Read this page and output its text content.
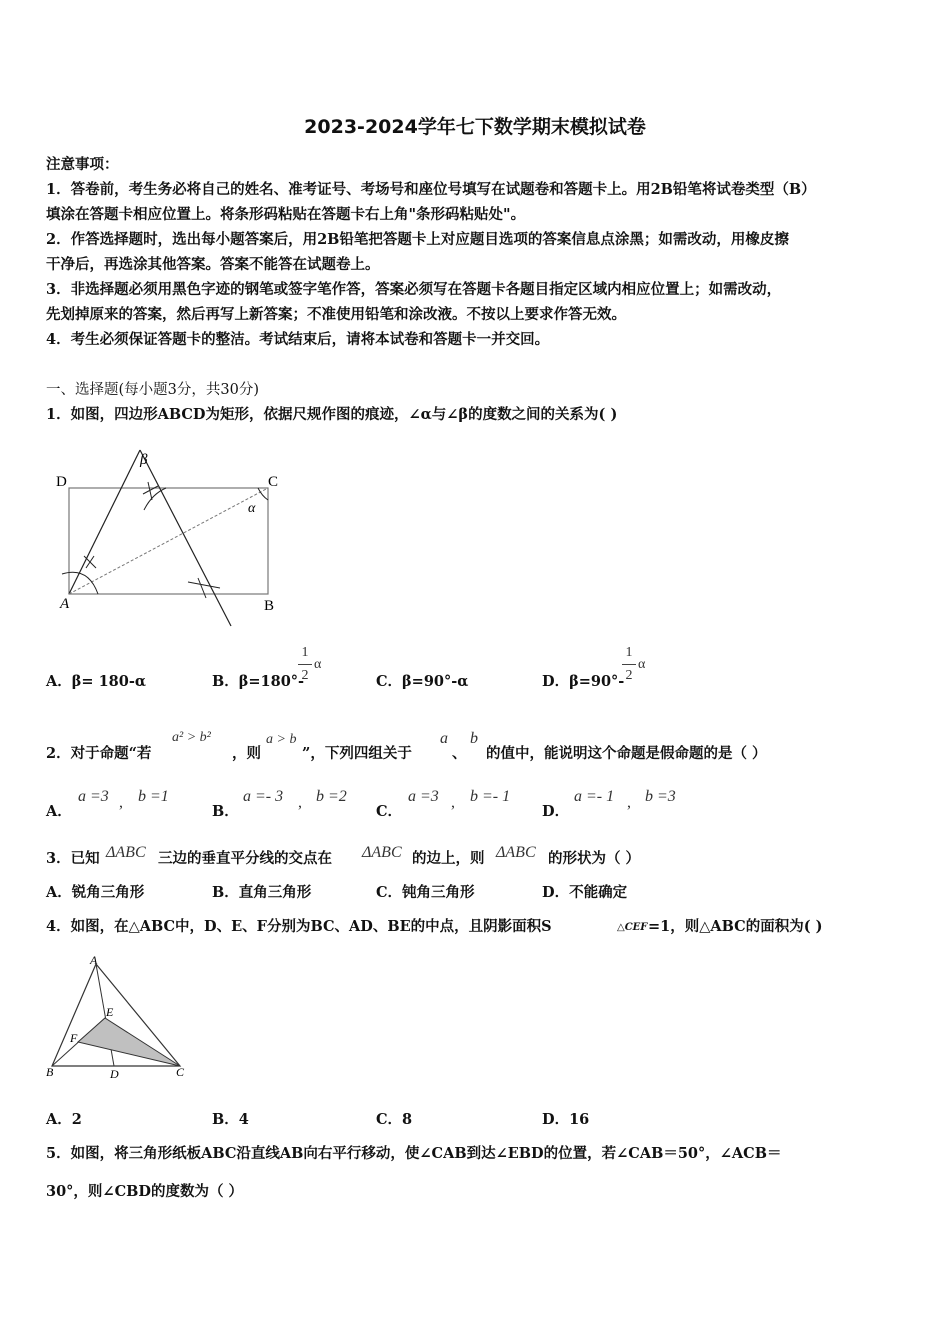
2023-2024学年七下数学期末模拟试卷
注意事项：
1．答卷前，考生务必将自己的姓名、准考证号、考场号和座位号填写在试题卷和答题卡上。用2B铅笔将试卷类型（B）
填涂在答题卡相应位置上。将条形码粘贴在答题卡右上角"条形码粘贴处"。
2．作答选择题时，选出每小题答案后，用2B铅笔把答题卡上对应题目选项的答案信息点涂黑；如需改动，用橡皮擦
干净后，再选涂其他答案。答案不能答在试题卷上。
3．非选择题必须用黑色字迹的钢笔或签字笔作答，答案必须写在答题卡各题目指定区域内相应位置上；如需改动，
先划掉原来的答案，然后再写上新答案；不准使用铅笔和涂改液。不按以上要求作答无效。
4．考生必须保证答题卡的整洁。考试结束后，请将本试卷和答题卡一并交回。
一、选择题(每小题3分，共30分)
1．如图，四边形ABCD为矩形，依据尺规作图的痕迹，∠α与∠β的度数之间的关系为( )
D	C
A	B
α
β
A．β= 180-α	B．β=180°-
1
2
α
C．β=90°-α	D．β=90°-
1
2
α
2．对于命题“若
a² > b²
，则
a > b
”，下列四组关于
a
、
b
的值中，能说明这个命题是假命题的是（ ）
A．
a =3 , b =1
B．
a =- 3 , b =2
C．
a =3 , b =- 1
D．
a =- 1 , b =3
3．已知 ΔABC 三边的垂直平分线的交点在 ΔABC 的边上，则 ΔABC 的形状为（ ）
A．锐角三角形	B．直角三角形	C．钝角三角形	D．不能确定
4．如图，在△ABC中，D、E、F分别为BC、AD、BE的中点，且阴影面积S	△CEF =1，则△ABC的面积为( )
A
B	C
D
E
F
A．2	B．4	C．8	D．16
5．如图，将三角形纸板ABC沿直线AB向右平行移动，使∠CAB到达∠EBD的位置，若∠CAB＝50°，∠ACB＝
30°，则∠CBD的度数为（ ）
